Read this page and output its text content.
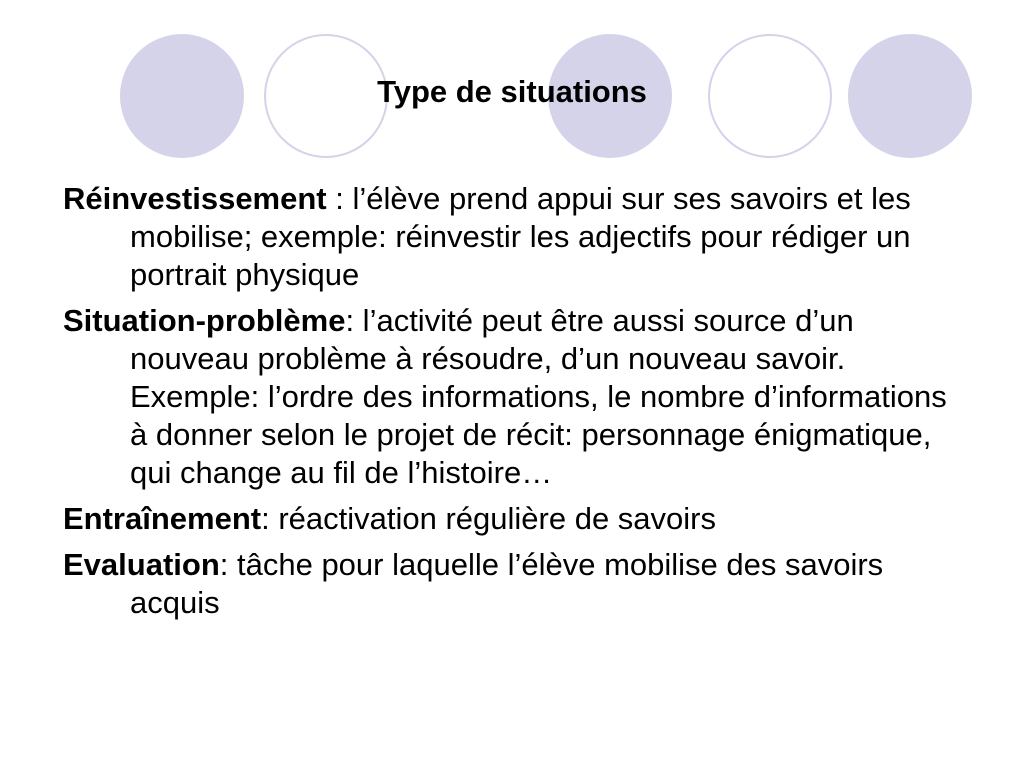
Type de situations

Réinvestissement : l’élève prend appui sur ses savoirs et les mobilise; exemple: réinvestir les adjectifs pour rédiger un portrait physique

Situation-problème: l’activité peut être aussi source d’un nouveau problème à résoudre, d’un nouveau savoir. Exemple: l’ordre des informations, le nombre d’informations à donner selon le projet de récit: personnage énigmatique, qui change au fil de l’histoire…

Entraînement: réactivation régulière de savoirs

Evaluation: tâche pour laquelle l’élève mobilise des savoirs acquis
